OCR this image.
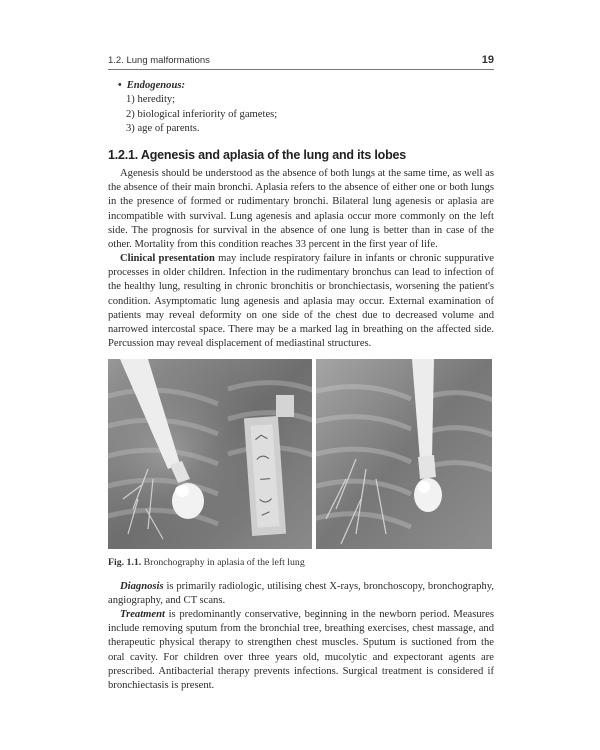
1.2. Lung malformations	19
• Endogenous:
1) heredity;
2) biological inferiority of gametes;
3) age of parents.
1.2.1. Agenesis and aplasia of the lung and its lobes

Agenesis should be understood as the absence of both lungs at the same time, as well as the absence of their main bronchi. Aplasia refers to the absence of either one or both lungs in the presence of formed or rudimentary bronchi. Bilateral lung agenesis or aplasia are incompatible with survival. Lung agenesis and aplasia occur more commonly on the left side. The prognosis for survival in the absence of one lung is better than in case of the other. Mortality from this condition reaches 33 percent in the first year of life.

Clinical presentation may include respiratory failure in infants or chronic suppurative processes in older children. Infection in the rudimentary bronchus can lead to infection of the healthy lung, resulting in chronic bronchitis or bronchiectasis, worsening the patient's condition. Asymptomatic lung agenesis and aplasia may occur. External examination of patients may reveal deformity on one side of the chest due to decreased volume and narrowed intercostal space. There may be a marked lag in breathing on the affected side. Percussion may reveal displacement of mediastinal structures.

Fig. 1.1. Bronchography in aplasia of the left lung

Diagnosis is primarily radiologic, utilising chest X-rays, bronchoscopy, bronchography, angiography, and CT scans.

Treatment is predominantly conservative, beginning in the newborn period. Measures include removing sputum from the bronchial tree, breathing exercises, chest massage, and therapeutic physical therapy to strengthen chest muscles. Sputum is suctioned from the oral cavity. For children over three years old, mucolytic and expectorant agents are prescribed. Antibacterial therapy prevents infections. Surgical treatment is considered if bronchiectasis is present.
